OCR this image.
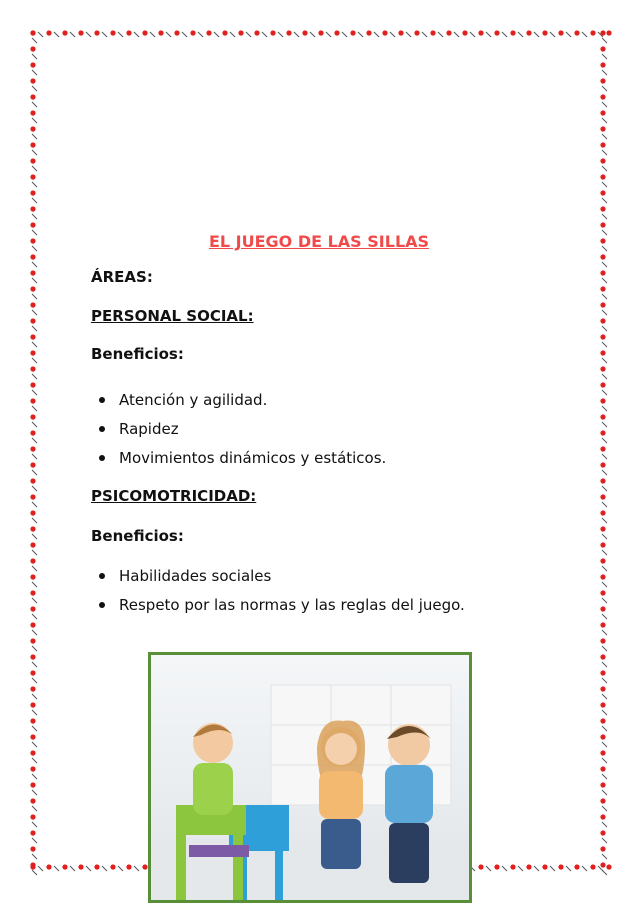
EL JUEGO DE LAS SILLAS
ÁREAS:
PERSONAL SOCIAL:
Beneficios:
Atención y agilidad.
Rapidez
Movimientos dinámicos y estáticos.
PSICOMOTRICIDAD:
Beneficios:
Habilidades sociales
Respeto por las normas y las reglas del juego.
